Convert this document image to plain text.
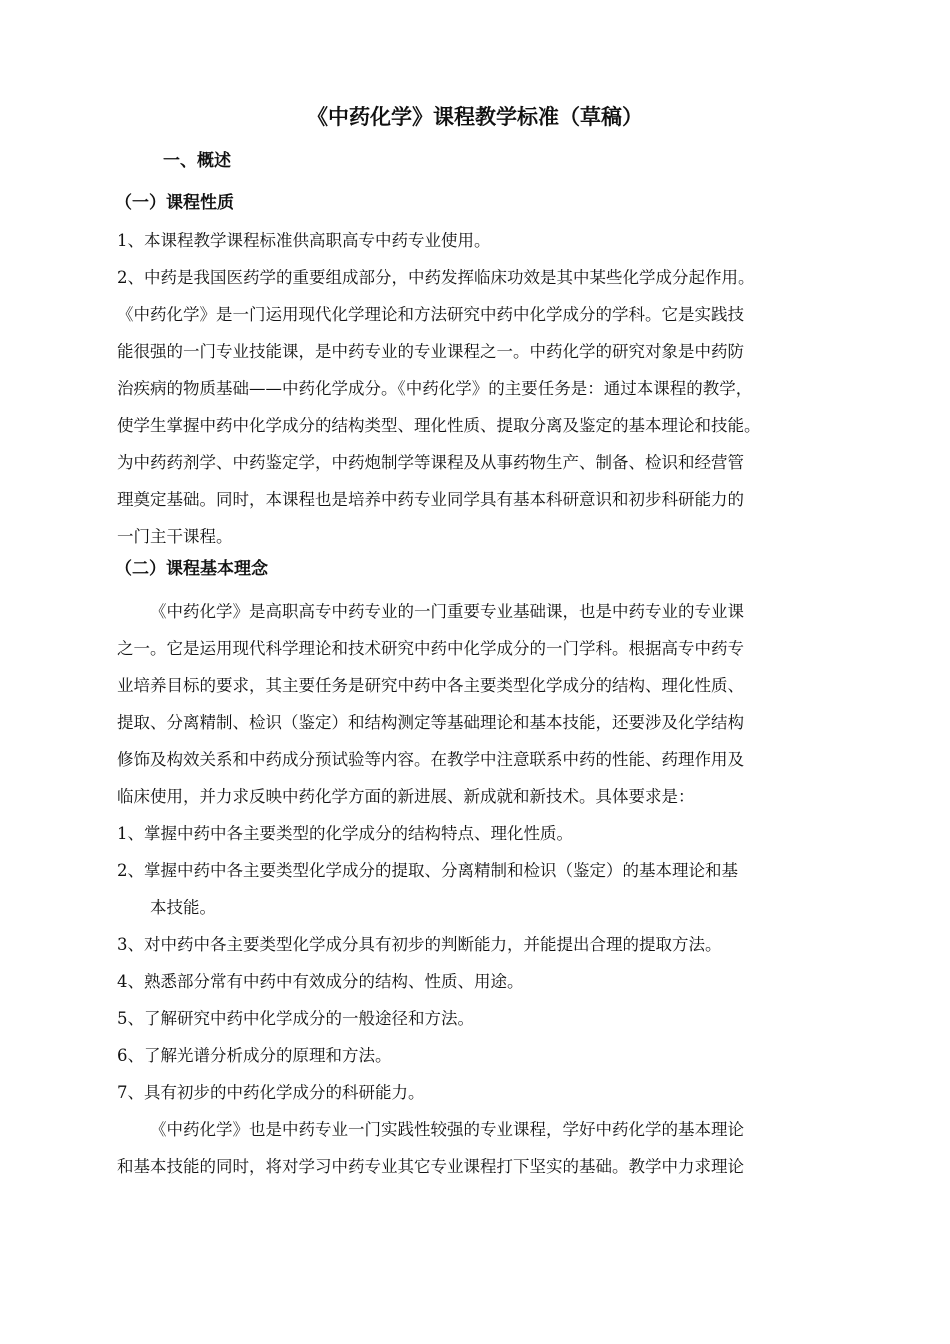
《中药化学》课程教学标准（草稿）
一、概述
（一）课程性质
1、本课程教学课程标准供高职高专中药专业使用。
2、中药是我国医药学的重要组成部分，中药发挥临床功效是其中某些化学成分起作用。
《中药化学》是一门运用现代化学理论和方法研究中药中化学成分的学科。它是实践技
能很强的一门专业技能课，是中药专业的专业课程之一。中药化学的研究对象是中药防
治疾病的物质基础——中药化学成分。《中药化学》的主要任务是：通过本课程的教学，
使学生掌握中药中化学成分的结构类型、理化性质、提取分离及鉴定的基本理论和技能。
为中药药剂学、中药鉴定学，中药炮制学等课程及从事药物生产、制备、检识和经营管
理奠定基础。同时，本课程也是培养中药专业同学具有基本科研意识和初步科研能力的
一门主干课程。
（二）课程基本理念
《中药化学》是高职高专中药专业的一门重要专业基础课，也是中药专业的专业课
之一。它是运用现代科学理论和技术研究中药中化学成分的一门学科。根据高专中药专
业培养目标的要求，其主要任务是研究中药中各主要类型化学成分的结构、理化性质、
提取、分离精制、检识（鉴定）和结构测定等基础理论和基本技能，还要涉及化学结构
修饰及构效关系和中药成分预试验等内容。在教学中注意联系中药的性能、药理作用及
临床使用，并力求反映中药化学方面的新进展、新成就和新技术。具体要求是：
1、掌握中药中各主要类型的化学成分的结构特点、理化性质。
2、掌握中药中各主要类型化学成分的提取、分离精制和检识（鉴定）的基本理论和基
本技能。
3、对中药中各主要类型化学成分具有初步的判断能力，并能提出合理的提取方法。
4、熟悉部分常有中药中有效成分的结构、性质、用途。
5、了解研究中药中化学成分的一般途径和方法。
6、了解光谱分析成分的原理和方法。
7、具有初步的中药化学成分的科研能力。
《中药化学》也是中药专业一门实践性较强的专业课程，学好中药化学的基本理论
和基本技能的同时，将对学习中药专业其它专业课程打下坚实的基础。教学中力求理论
